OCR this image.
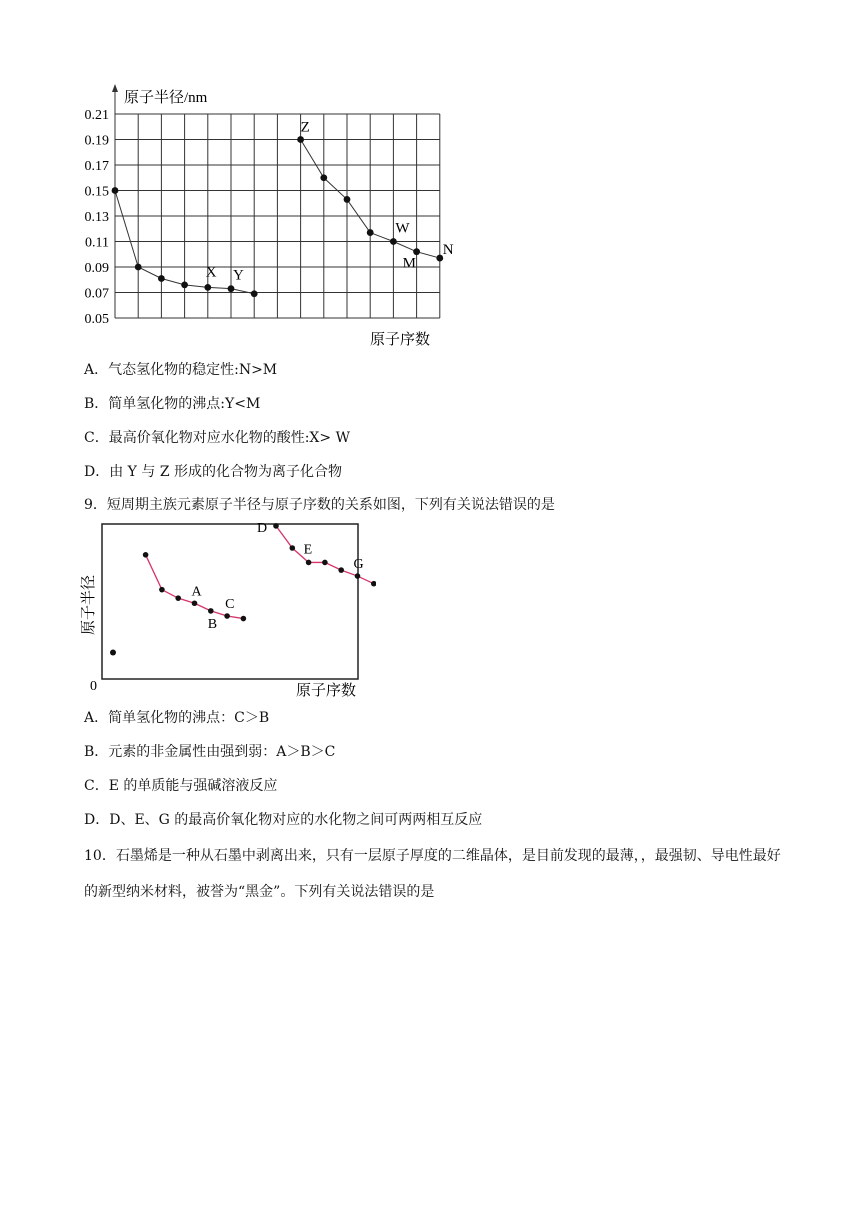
0.21
0.19
0.17
0.15
0.13
0.11
0.09
0.07
0.05
X Y
Z
W
M
N
原子半径/nm
原子序数
A．气态氢化物的稳定性:N>M
B．简单氢化物的沸点:Y<M
C．最高价氧化物对应水化物的酸性:X> W
D．由 Y 与 Z 形成的化合物为离子化合物
9．短周期主族元素原子半径与原子序数的关系如图，下列有关说法错误的是
A
B
C
D
E
G
原子半径
0	原子序数
A．简单氢化物的沸点：C＞B
B．元素的非金属性由强到弱：A＞B＞C
C．E 的单质能与强碱溶液反应
D．D、E、G 的最高价氧化物对应的水化物之间可两两相互反应
10．石墨烯是一种从石墨中剥离出来，只有一层原子厚度的二维晶体，是目前发现的最薄，，最强韧、导电性最好的新型纳米材料，被誉为“黑金”。下列有关说法错误的是
